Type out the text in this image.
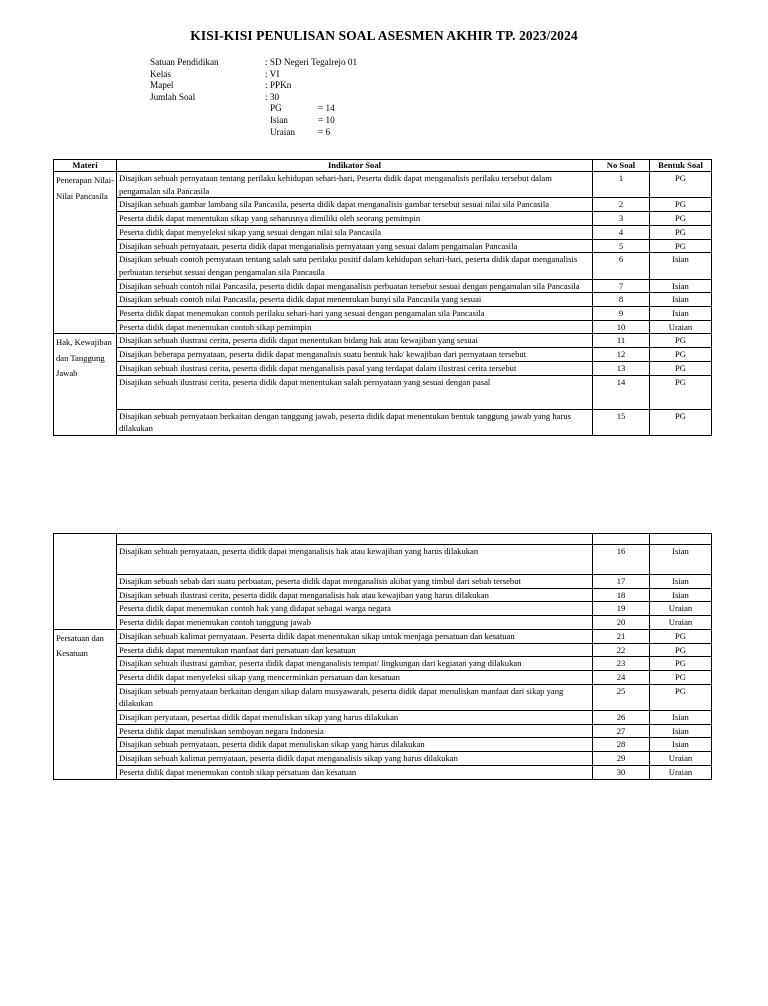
KISI-KISI PENULISAN SOAL ASESMEN AKHIR TP. 2023/2024
Satuan Pendidikan	: SD Negeri Tegalrejo 01
Kelas	: VI
Mapel	: PPKn
Jumlah Soal	: 30
PG	= 14
Isian	= 10
Uraian	= 6
Materi	Indikator Soal	No Soal	Bentuk Soal
Penerapan Nilai-Nilai Pancasila	Disajikan sebuah pernyataan tentang perilaku kehidupan sehari-hari, Peserta didik dapat menganalisis perilaku tersebut dalam pengamalan sila Pancasila	1	PG
	Disajikan sebuah gambar lambang sila Pancasila, peserta didik dapat menganalisis gambar tersebut sesuai nilai sila Pancasila	2	PG
	Peserta didik dapat menentukan sikap yang seharusnya dimiliki oleh seorang pemimpin	3	PG
	Peserta didik dapat menyeleksi sikap yang sesuai dengan nilai sila Pancasila	4	PG
	Disajikan sebuah pernyataan, peserta didik dapat menganalisis pernyataan yang sesuai dalam pengamalan Pancasila	5	PG
	Disajikan sebuah contoh pernyataan tentang salah satu perilaku positif dalam kehidupan sehari-hari, peserta didik dapat menganalisis perbuatan tersebut sesuai dengan pengamalan sila Pancasila	6	Isian
	Disajikan sebuah contoh nilai Pancasila, peserta didik dapat menganalisis perbuatan tersebut sesuai dengan pengamalan sila Pancasila	7	Isian
	Disajikan sebuah contoh nilai Pancasila, peserta didik dapat menentukan bunyi sila Pancasila yang sesuai	8	Isian
	Peserta didik dapat menemukan contoh perilaku sehari-hari yang sesuai dengan pengamalan sila Pancasila	9	Isian
	Peserta didik dapat menemukan contoh sikap pemimpin	10	Uraian
Hak, Kewajiban dan Tanggung Jawab	Disajikan sebuah ilustrasi cerita, peserta didik dapat menentukan bidang hak atau kewajiban yang sesuai	11	PG
	Disajikan beberapa pernyataan, peserta didik dapat menganalisis suatu bentuk hak/ kewajiban dari pernyataan tersebut	12	PG
	Disajikan sebuah ilustrasi cerita, peserta didik dapat menganalisis pasal yang terdapat dalam ilustrasi cerita tersebut	13	PG
	Disajikan sebuah ilustrasi cerita, peserta didik dapat menentukan salah pernyataan yang sesuai dengan pasal	14	PG
	Disajikan sebuah pernyataan berkaitan dengan tanggung jawab, peserta didik dapat menentukan bentuk tanggung jawab yang harus dilakukan	15	PG

	Disajikan sebuah pernyataan, peserta didik dapat menganalisis hak atau kewajiban yang harus dilakukan	16	Isian
	Disajikan sebuah sebab dari suatu perbuatan, peserta didik dapat menganalisis akibat yang timbul dari sebab tersebut	17	Isian
	Disajikan sebuah ilustrasi cerita, peserta didik dapat menganalisis hak atau kewajiban yang harus dilakukan	18	Isian
	Peserta didik dapat menemukan contoh hak yang didapat sebagai warga negara	19	Uraian
	Peserta didik dapat menemukan contoh tanggung jawab	20	Uraian
Persatuan dan Kesatuan	Disajikan sebuah kalimat pernyataan. Peserta didik dapat menentukan sikap untuk menjaga persatuan dan kesatuan	21	PG
	Peserta didik dapat menentukan manfaat dari persatuan dan kesatuan	22	PG
	Disajikan sebuah ilustrasi gambar, peserta didik dapat menganalisis tempat/ lingkungan dari kegiatan yang dilakukan	23	PG
	Peserta didik dapat menyeleksi sikap yang mencerminkan persatuan dan kesatuan	24	PG
	Disajikan sebuah pernyataan berkaitan dengan sikap dalam musyawarah, peserta didik dapat menuliskan manfaat dari sikap yang dilakukan	25	PG
	Disajikan peryataan, pesertaa didik dapat menuliskan sikap yang harus dilakukan	26	Isian
	Peserta didik dapat menuliskan semboyan negara Indonesia	27	Isian
	Disajikan sebuah pernyataan, peserta didik dapat menuliskan sikap yang harus dilakukan	28	Isian
	Disajikan sebuah kalimat pernyataan, peserta didik dapat menganalisis sikap yang harus dilakukan	29	Uraian
	Peserta didik dapat menemukan contoh sikap persatuan dan kesatuan	30	Uraian
